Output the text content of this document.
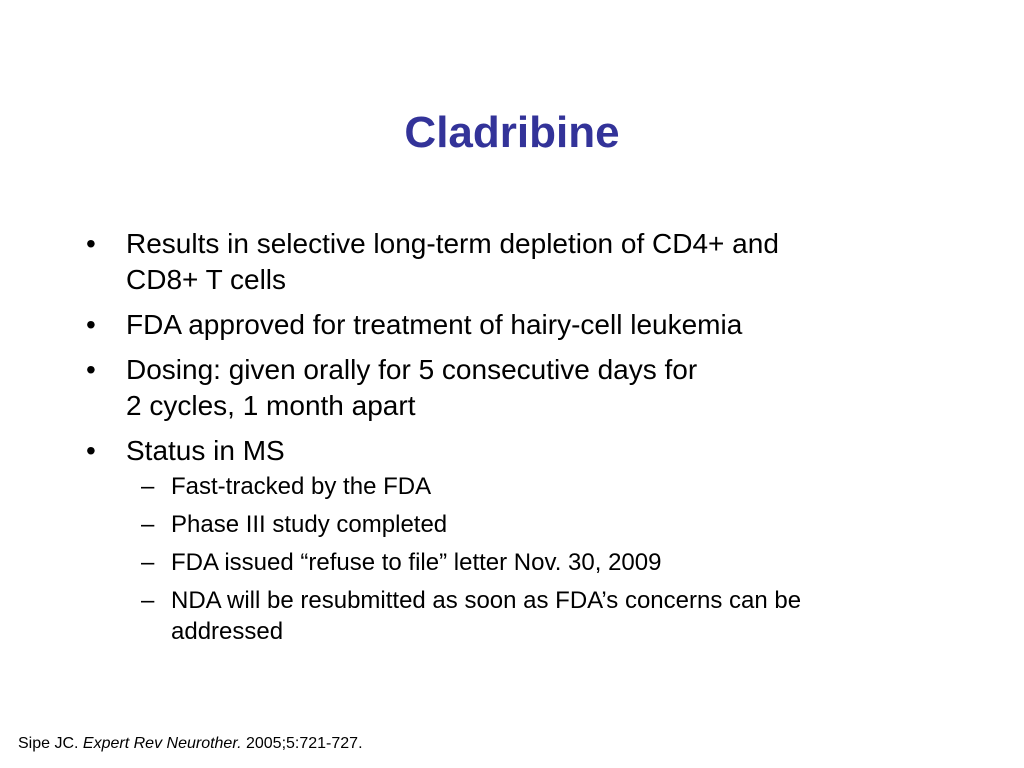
Cladribine
• Results in selective long-term depletion of CD4+ and
CD8+ T cells
• FDA approved for treatment of hairy-cell leukemia
• Dosing: given orally for 5 consecutive days for
2 cycles, 1 month apart
• Status in MS
– Fast-tracked by the FDA
– Phase III study completed
– FDA issued “refuse to file” letter Nov. 30, 2009
– NDA will be resubmitted as soon as FDA’s concerns can be
addressed
Sipe JC. Expert Rev Neurother. 2005;5:721-727.
